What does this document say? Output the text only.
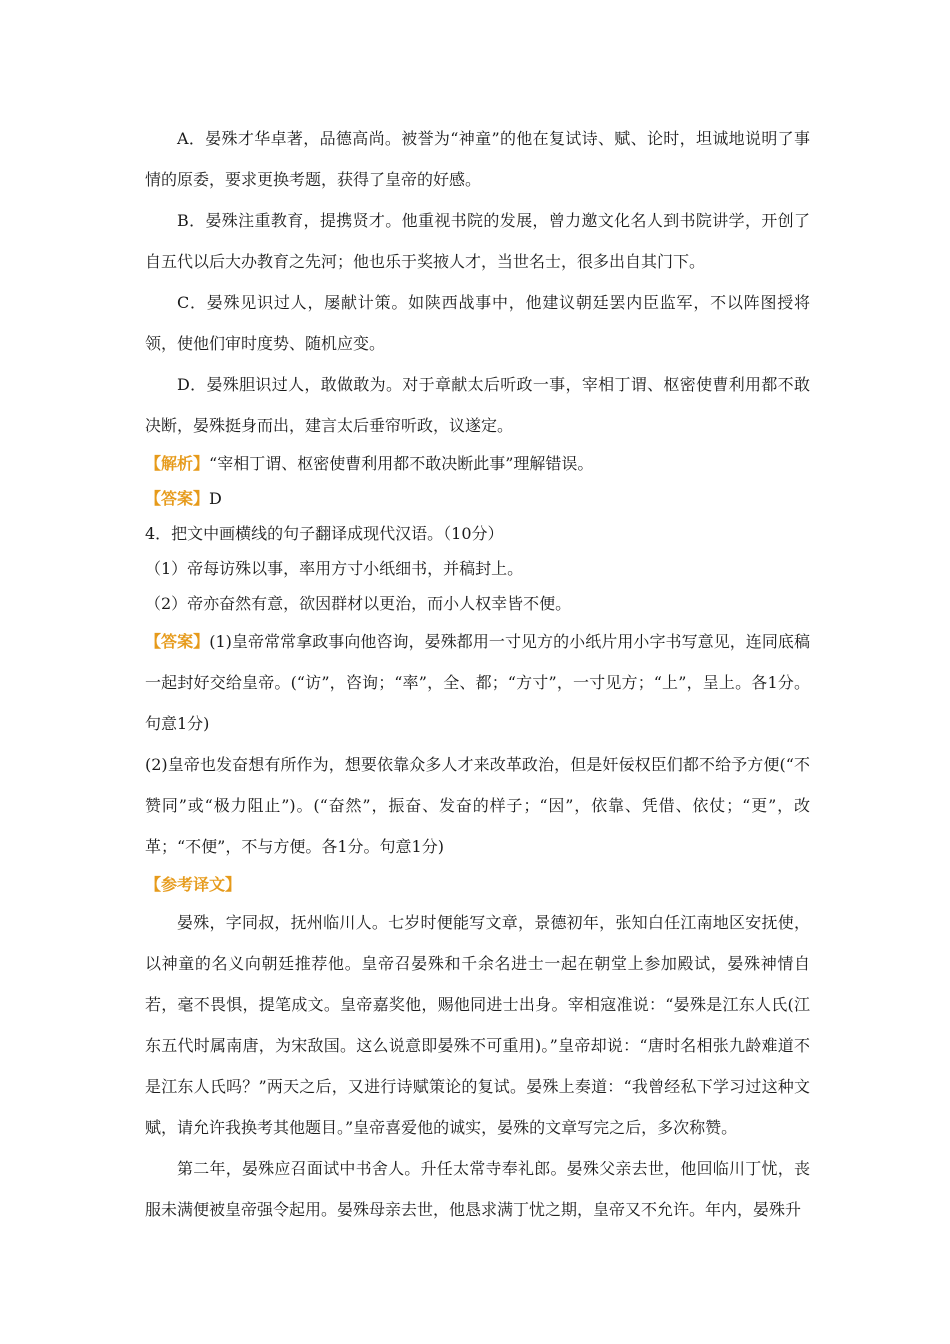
A．晏殊才华卓著，品德高尚。被誉为“神童”的他在复试诗、赋、论时，坦诚地说明了事情的原委，要求更换考题，获得了皇帝的好感。

B．晏殊注重教育，提携贤才。他重视书院的发展，曾力邀文化名人到书院讲学，开创了自五代以后大办教育之先河；他也乐于奖掖人才，当世名士，很多出自其门下。

C．晏殊见识过人，屡献计策。如陕西战事中，他建议朝廷罢内臣监军，不以阵图授将领，使他们审时度势、随机应变。

D．晏殊胆识过人，敢做敢为。对于章献太后听政一事，宰相丁谓、枢密使曹利用都不敢决断，晏殊挺身而出，建言太后垂帘听政，议遂定。

【解析】“宰相丁谓、枢密使曹利用都不敢决断此事”理解错误。

【答案】D

4．把文中画横线的句子翻译成现代汉语。（10分）

（1）帝每访殊以事，率用方寸小纸细书，并稿封上。

（2）帝亦奋然有意，欲因群材以更治，而小人权幸皆不便。

【答案】(1)皇帝常常拿政事向他咨询，晏殊都用一寸见方的小纸片用小字书写意见，连同底稿一起封好交给皇帝。(“访”，咨询；“率”，全、都；“方寸”，一寸见方；“上”，呈上。各1分。句意1分)

(2)皇帝也发奋想有所作为，想要依靠众多人才来改革政治，但是奸佞权臣们都不给予方便(“不赞同”或“极力阻止”)。(“奋然”，振奋、发奋的样子；“因”，依靠、凭借、依仗；“更”，改革；“不便”，不与方便。各1分。句意1分)

【参考译文】

晏殊，字同叔，抚州临川人。七岁时便能写文章，景德初年，张知白任江南地区安抚使，以神童的名义向朝廷推荐他。皇帝召晏殊和千余名进士一起在朝堂上参加殿试，晏殊神情自若，毫不畏惧，提笔成文。皇帝嘉奖他，赐他同进士出身。宰相寇准说：“晏殊是江东人氏(江东五代时属南唐，为宋敌国。这么说意即晏殊不可重用)。”皇帝却说：“唐时名相张九龄难道不是江东人氏吗？”两天之后，又进行诗赋策论的复试。晏殊上奏道：“我曾经私下学习过这种文赋，请允许我换考其他题目。”皇帝喜爱他的诚实，晏殊的文章写完之后，多次称赞。

第二年，晏殊应召面试中书舍人。升任太常寺奉礼郎。晏殊父亲去世，他回临川丁忧，丧服未满便被皇帝强令起用。晏殊母亲去世，他恳求满丁忧之期，皇帝又不允许。年内，晏殊升
